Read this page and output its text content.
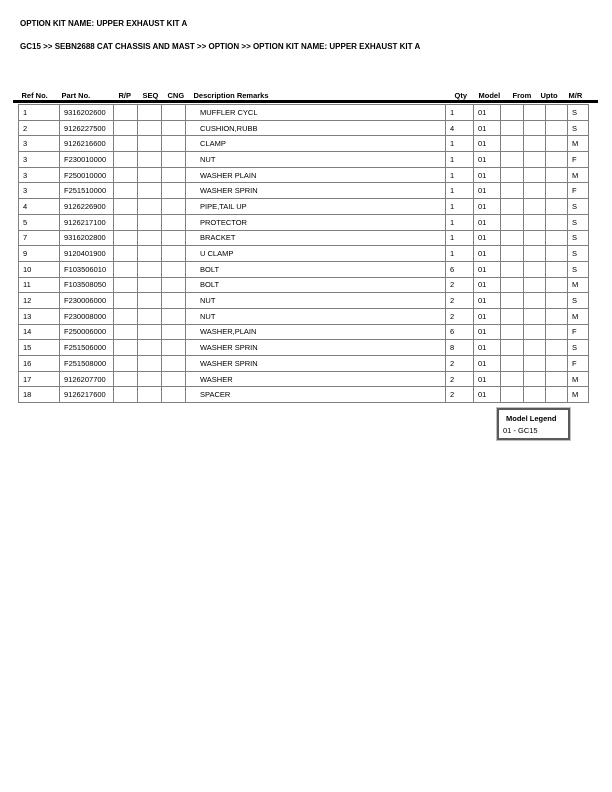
OPTION KIT NAME: UPPER EXHAUST KIT A
GC15 >> SEBN2688 CAT CHASSIS AND MAST >> OPTION >> OPTION KIT NAME: UPPER EXHAUST KIT A
Ref No.	Part No.	R/P	SEQ	CNG	Description Remarks	Qty	Model	From	Upto		M/R
1	9316202600				MUFFLER CYCL	1	01				S
2	9126227500				CUSHION,RUBB	4	01				S
3	9126216600				CLAMP	1	01				M
3	F230010000				NUT	1	01				F
3	F250010000				WASHER PLAIN	1	01				M
3	F251510000				WASHER SPRIN	1	01				F
4	9126226900				PIPE,TAIL UP	1	01				S
5	9126217100				PROTECTOR	1	01				S
7	9316202800				BRACKET	1	01				S
9	9120401900				U CLAMP	1	01				S
10	F103506010				BOLT	6	01				S
11	F103508050				BOLT	2	01				M
12	F230006000				NUT	2	01				S
13	F230008000				NUT	2	01				M
14	F250006000				WASHER,PLAIN	6	01				F
15	F251506000				WASHER SPRIN	8	01				S
16	F251508000				WASHER SPRIN	2	01				F
17	9126207700				WASHER	2	01				M
18	9126217600				SPACER	2	01				M
Model Legend
01 - GC15
